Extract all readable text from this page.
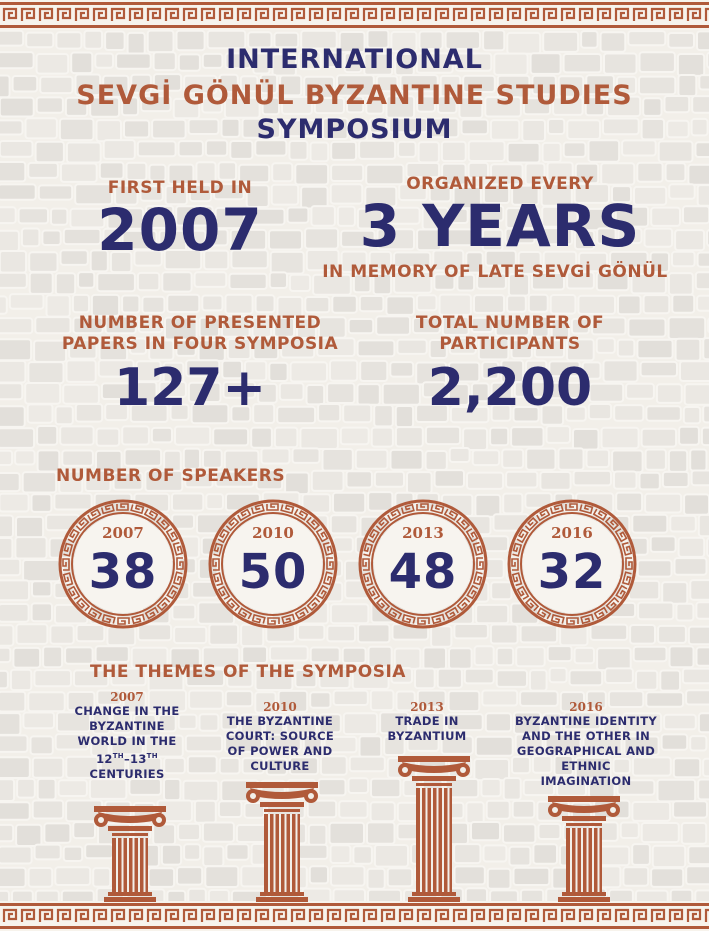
INTERNATIONAL
SEVGİ GÖNÜL BYZANTINE STUDIES
SYMPOSIUM
FIRST HELD IN
2007
ORGANIZED EVERY
3 YEARS
IN MEMORY OF LATE SEVGİ GÖNÜL
NUMBER OF PRESENTED
PAPERS IN FOUR SYMPOSIA
127+
TOTAL NUMBER OF
PARTICIPANTS
2,200
NUMBER OF SPEAKERS
2007
38
2010
50
2013
48
2016
32
THE THEMES OF THE SYMPOSIA
2007
CHANGE IN THE
BYZANTINE
WORLD IN THE
12TH–13TH
CENTURIES
2010
THE BYZANTINE
COURT: SOURCE
OF POWER AND
CULTURE
2013
TRADE IN
BYZANTIUM
2016
BYZANTINE IDENTITY
AND THE OTHER IN
GEOGRAPHICAL AND
ETHNIC
IMAGINATION
